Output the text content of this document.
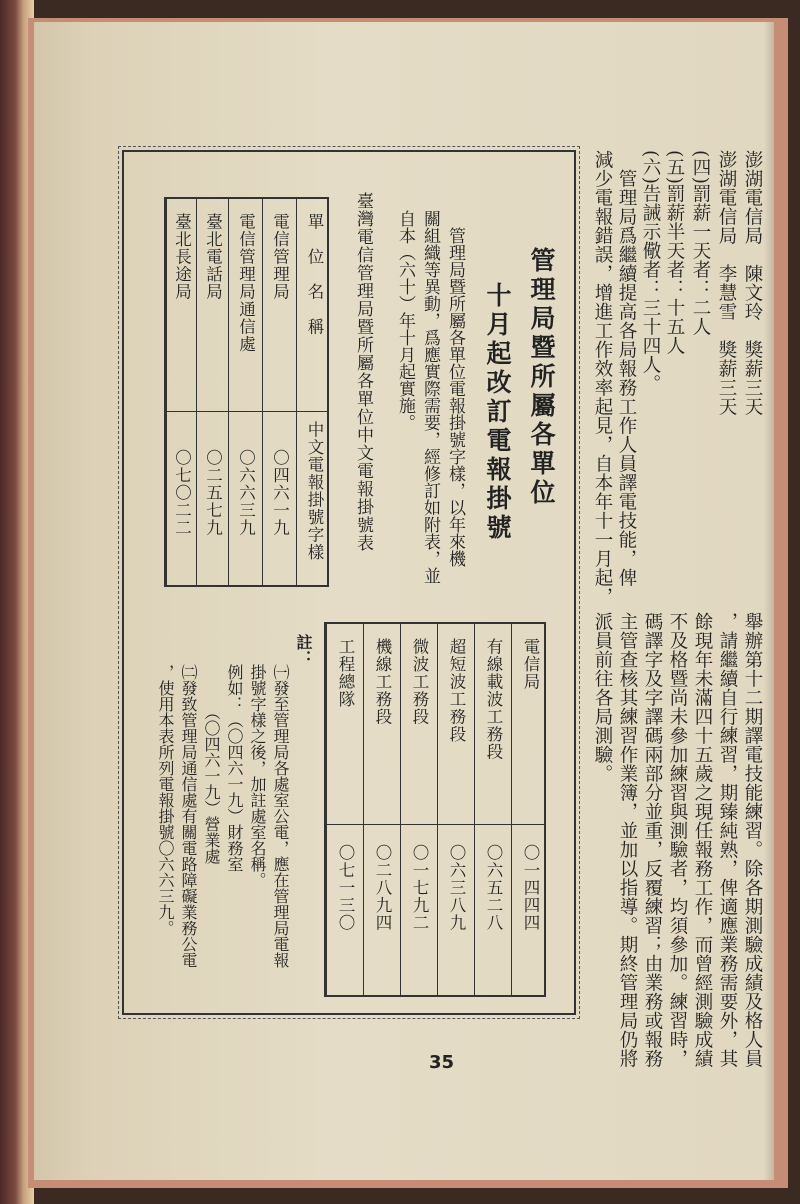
澎湖電信局　陳文玲　獎薪三天
澎湖電信局　李慧雪　獎薪三天
(四)罰薪一天者：二人
(五)罰薪半天者：十五人
(六)告誡示儆者：三十四人。
　管理局爲繼續提高各局報務工作人員譯電技能，俾
減少電報錯誤，增進工作效率起見，自本年十一月起，
舉辦第十二期譯電技能練習。除各期測驗成績及格人員
，請繼續自行練習，期臻純熟，俾適應業務需要外，其
餘現年未滿四十五歲之現任報務工作，而曾經測驗成績
不及格暨尚未參加練習與測驗者，均須參加。練習時，
碼譯字及字譯碼兩部分並重，反覆練習；由業務或報務
主管查核其練習作業簿，並加以指導。期終管理局仍將
派員前往各局測驗。
管理局暨所屬各單位
十月起改訂電報掛號
　管理局暨所屬各單位電報掛號字樣，以年來機
關組織等異動，爲應實際需要，經修訂如附表，並
自本（六十）年十月起實施。
臺灣電信管理局暨所屬各單位中文電報掛號表
單　位　名　稱
中文電報掛號字樣
電信管理局
〇四六一九
電信管理局通信處
〇六六三九
臺北電話局
〇二五七九
臺北長途局
〇七〇二二
電信局
〇一四四四
有線載波工務段
〇六五二八
超短波工務段
〇六三八九
微波工務段
〇一七九二
機線工務段
〇二八九四
工程總隊
〇七一三〇
註：
㈠發至管理局各處室公電，應在管理局電報
掛號字樣之後，加註處室名稱。
例如：（〇四六一九）財務室
　　　（〇四六一九）營業處
㈡發致管理局通信處有關電路障礙業務公電
，使用本表所列電報掛號〇六六三九。
35
